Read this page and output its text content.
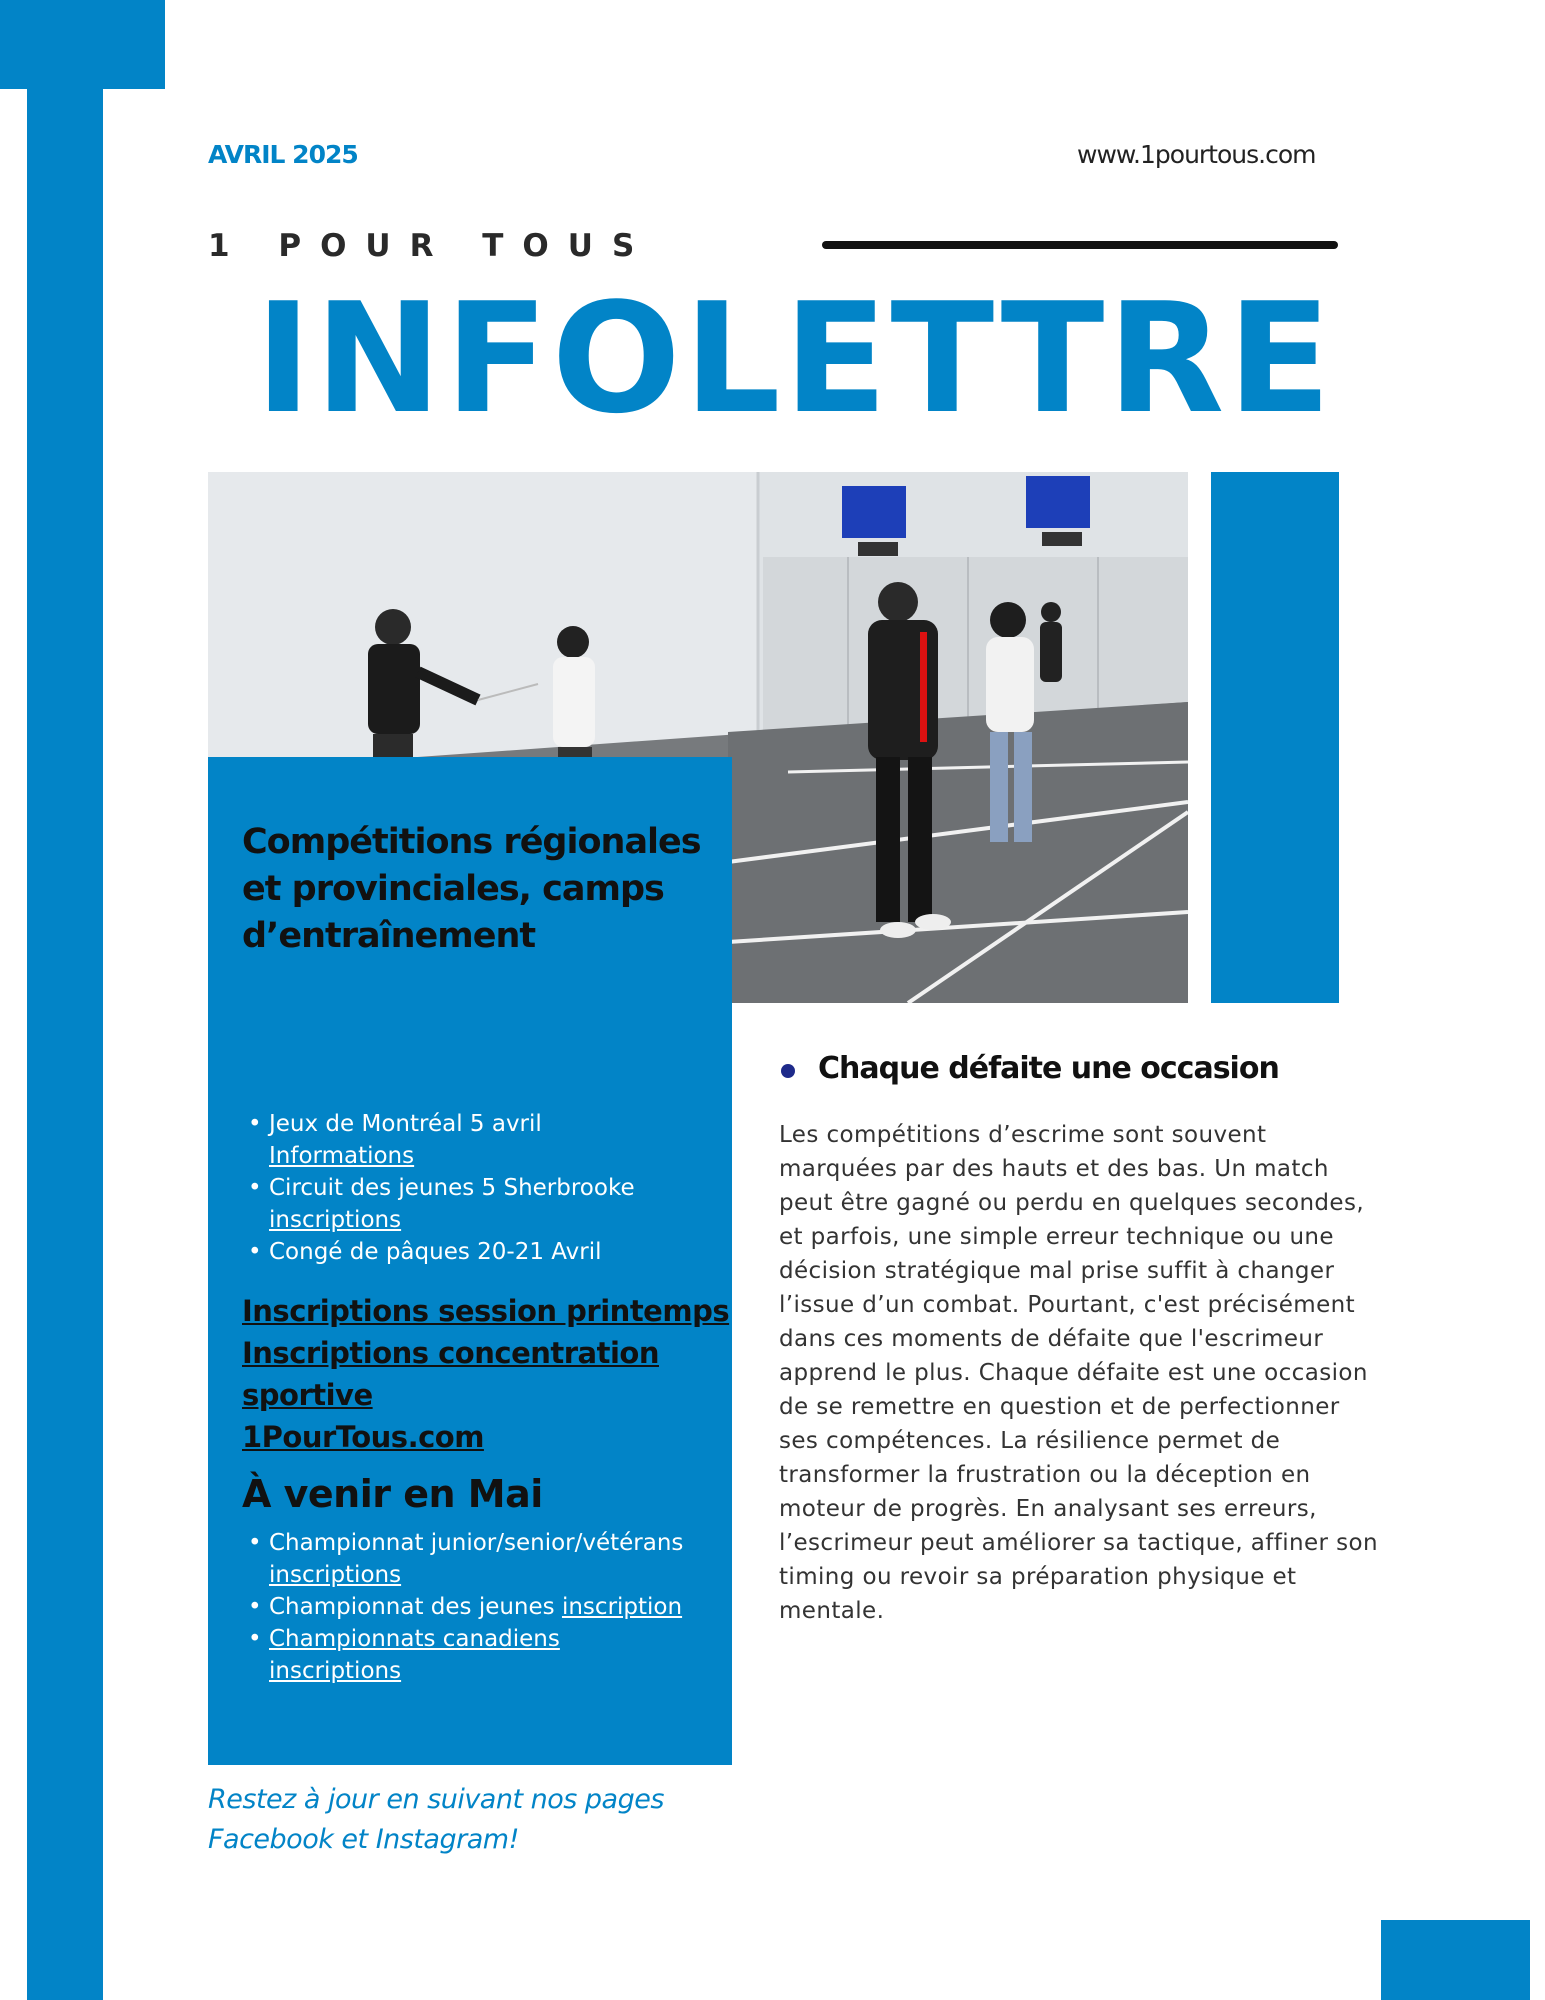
AVRIL 2025	www.1pourtous.com
1 POUR TOUS
INFOLETTRE
Compétitions régionales et provinciales, camps d’entraînement
• Jeux de Montréal 5 avril
Informations
• Circuit des jeunes 5 Sherbrooke
inscriptions
• Congé de pâques 20-21 Avril
Inscriptions session printemps
Inscriptions concentration sportive
1PourTous.com
À venir en Mai
• Championnat junior/senior/vétérans inscriptions
• Championnat des jeunes inscription
• Championnats canadiens
inscriptions
Restez à jour en suivant nos pages Facebook et Instagram!
Chaque défaite une occasion
Les compétitions d’escrime sont souvent marquées par des hauts et des bas. Un match peut être gagné ou perdu en quelques secondes, et parfois, une simple erreur technique ou une décision stratégique mal prise suffit à changer l’issue d’un combat. Pourtant, c'est précisément dans ces moments de défaite que l'escrimeur apprend le plus. Chaque défaite est une occasion de se remettre en question et de perfectionner ses compétences. La résilience permet de transformer la frustration ou la déception en moteur de progrès. En analysant ses erreurs, l’escrimeur peut améliorer sa tactique, affiner son timing ou revoir sa préparation physique et mentale.
